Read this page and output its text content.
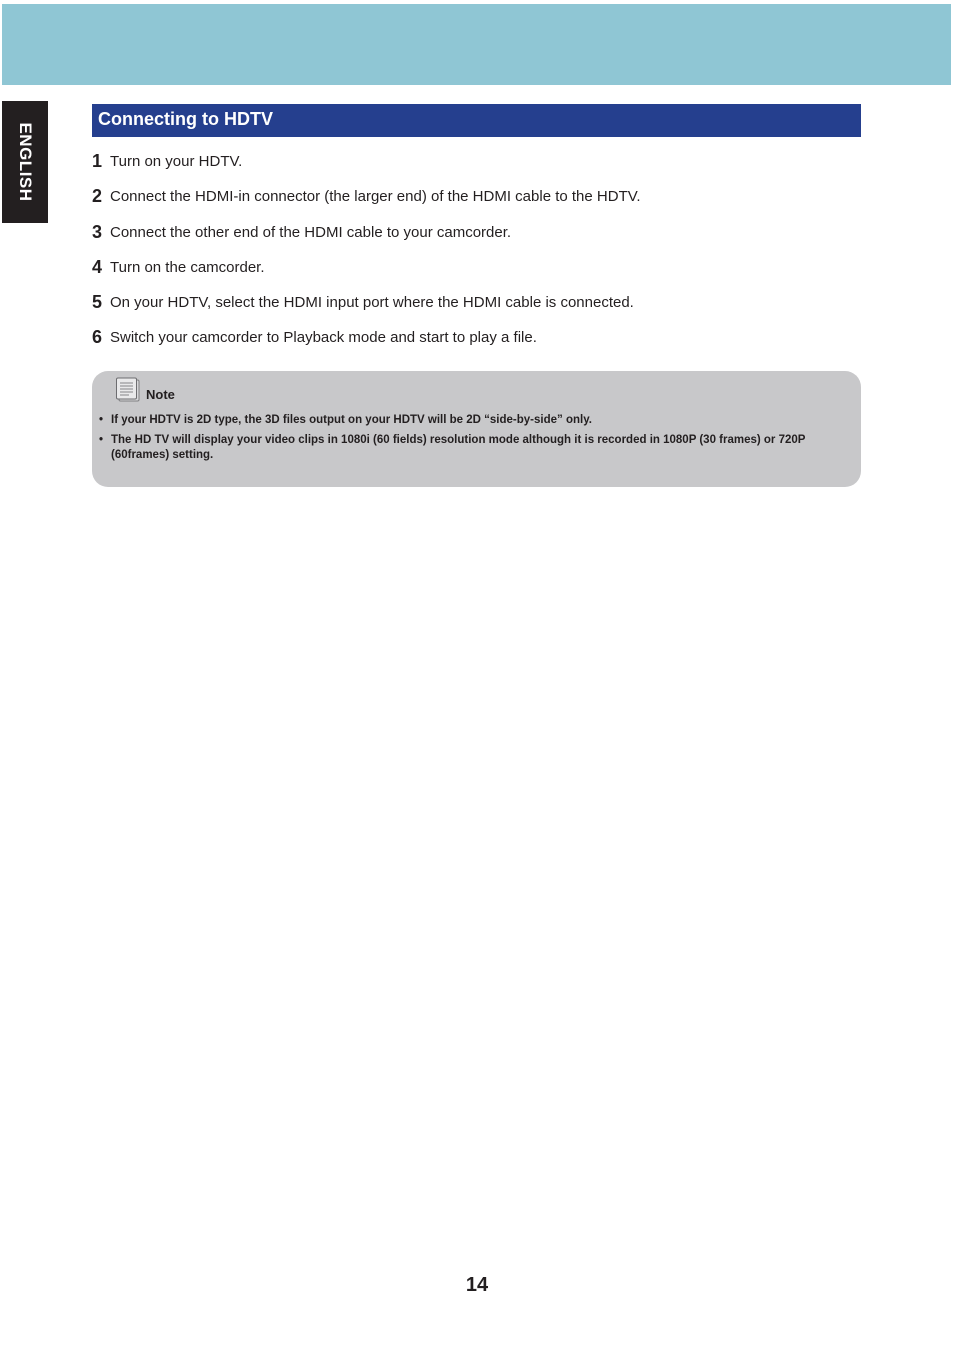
ENGLISH
Connecting to HDTV
1 Turn on your HDTV.
2 Connect the HDMI-in connector (the larger end) of the HDMI cable to the HDTV.
3 Connect the other end of the HDMI cable to your camcorder.
4 Turn on the camcorder.
5 On your HDTV, select the HDMI input port where the HDMI cable is connected.
6 Switch your camcorder to Playback mode and start to play a file.
Note
• If your HDTV is 2D type, the 3D files output on your HDTV will be 2D “side-by-side” only.
• The HD TV will display your video clips in 1080i (60 fields) resolution mode although it is recorded in 1080P (30 frames) or 720P (60frames) setting.
14
